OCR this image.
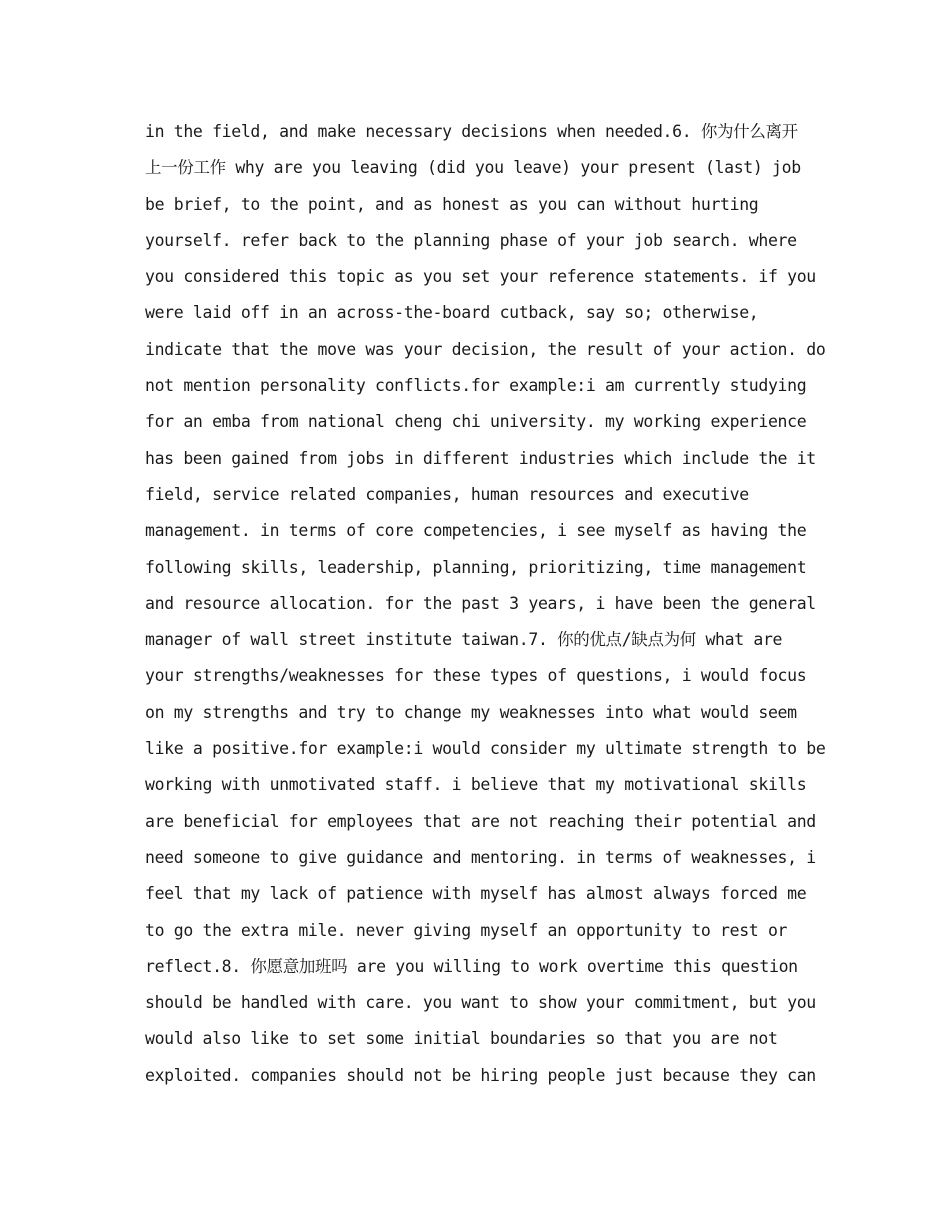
in the field, and make necessary decisions when needed.6. 你为什么离开
上一份工作 why are you leaving (did you leave) your present (last) job
be brief, to the point, and as honest as you can without hurting
yourself. refer back to the planning phase of your job search. where
you considered this topic as you set your reference statements. if you
were laid off in an across-the-board cutback, say so; otherwise,
indicate that the move was your decision, the result of your action. do
not mention personality conflicts.for example:i am currently studying
for an emba from national cheng chi university. my working experience
has been gained from jobs in different industries which include the it
field, service related companies, human resources and executive
management. in terms of core competencies, i see myself as having the
following skills, leadership, planning, prioritizing, time management
and resource allocation. for the past 3 years, i have been the general
manager of wall street institute taiwan.7. 你的优点/缺点为何 what are
your strengths/weaknesses for these types of questions, i would focus
on my strengths and try to change my weaknesses into what would seem
like a positive.for example:i would consider my ultimate strength to be
working with unmotivated staff. i believe that my motivational skills
are beneficial for employees that are not reaching their potential and
need someone to give guidance and mentoring. in terms of weaknesses, i
feel that my lack of patience with myself has almost always forced me
to go the extra mile. never giving myself an opportunity to rest or
reflect.8. 你愿意加班吗 are you willing to work overtime this question
should be handled with care. you want to show your commitment, but you
would also like to set some initial boundaries so that you are not
exploited. companies should not be hiring people just because they can
